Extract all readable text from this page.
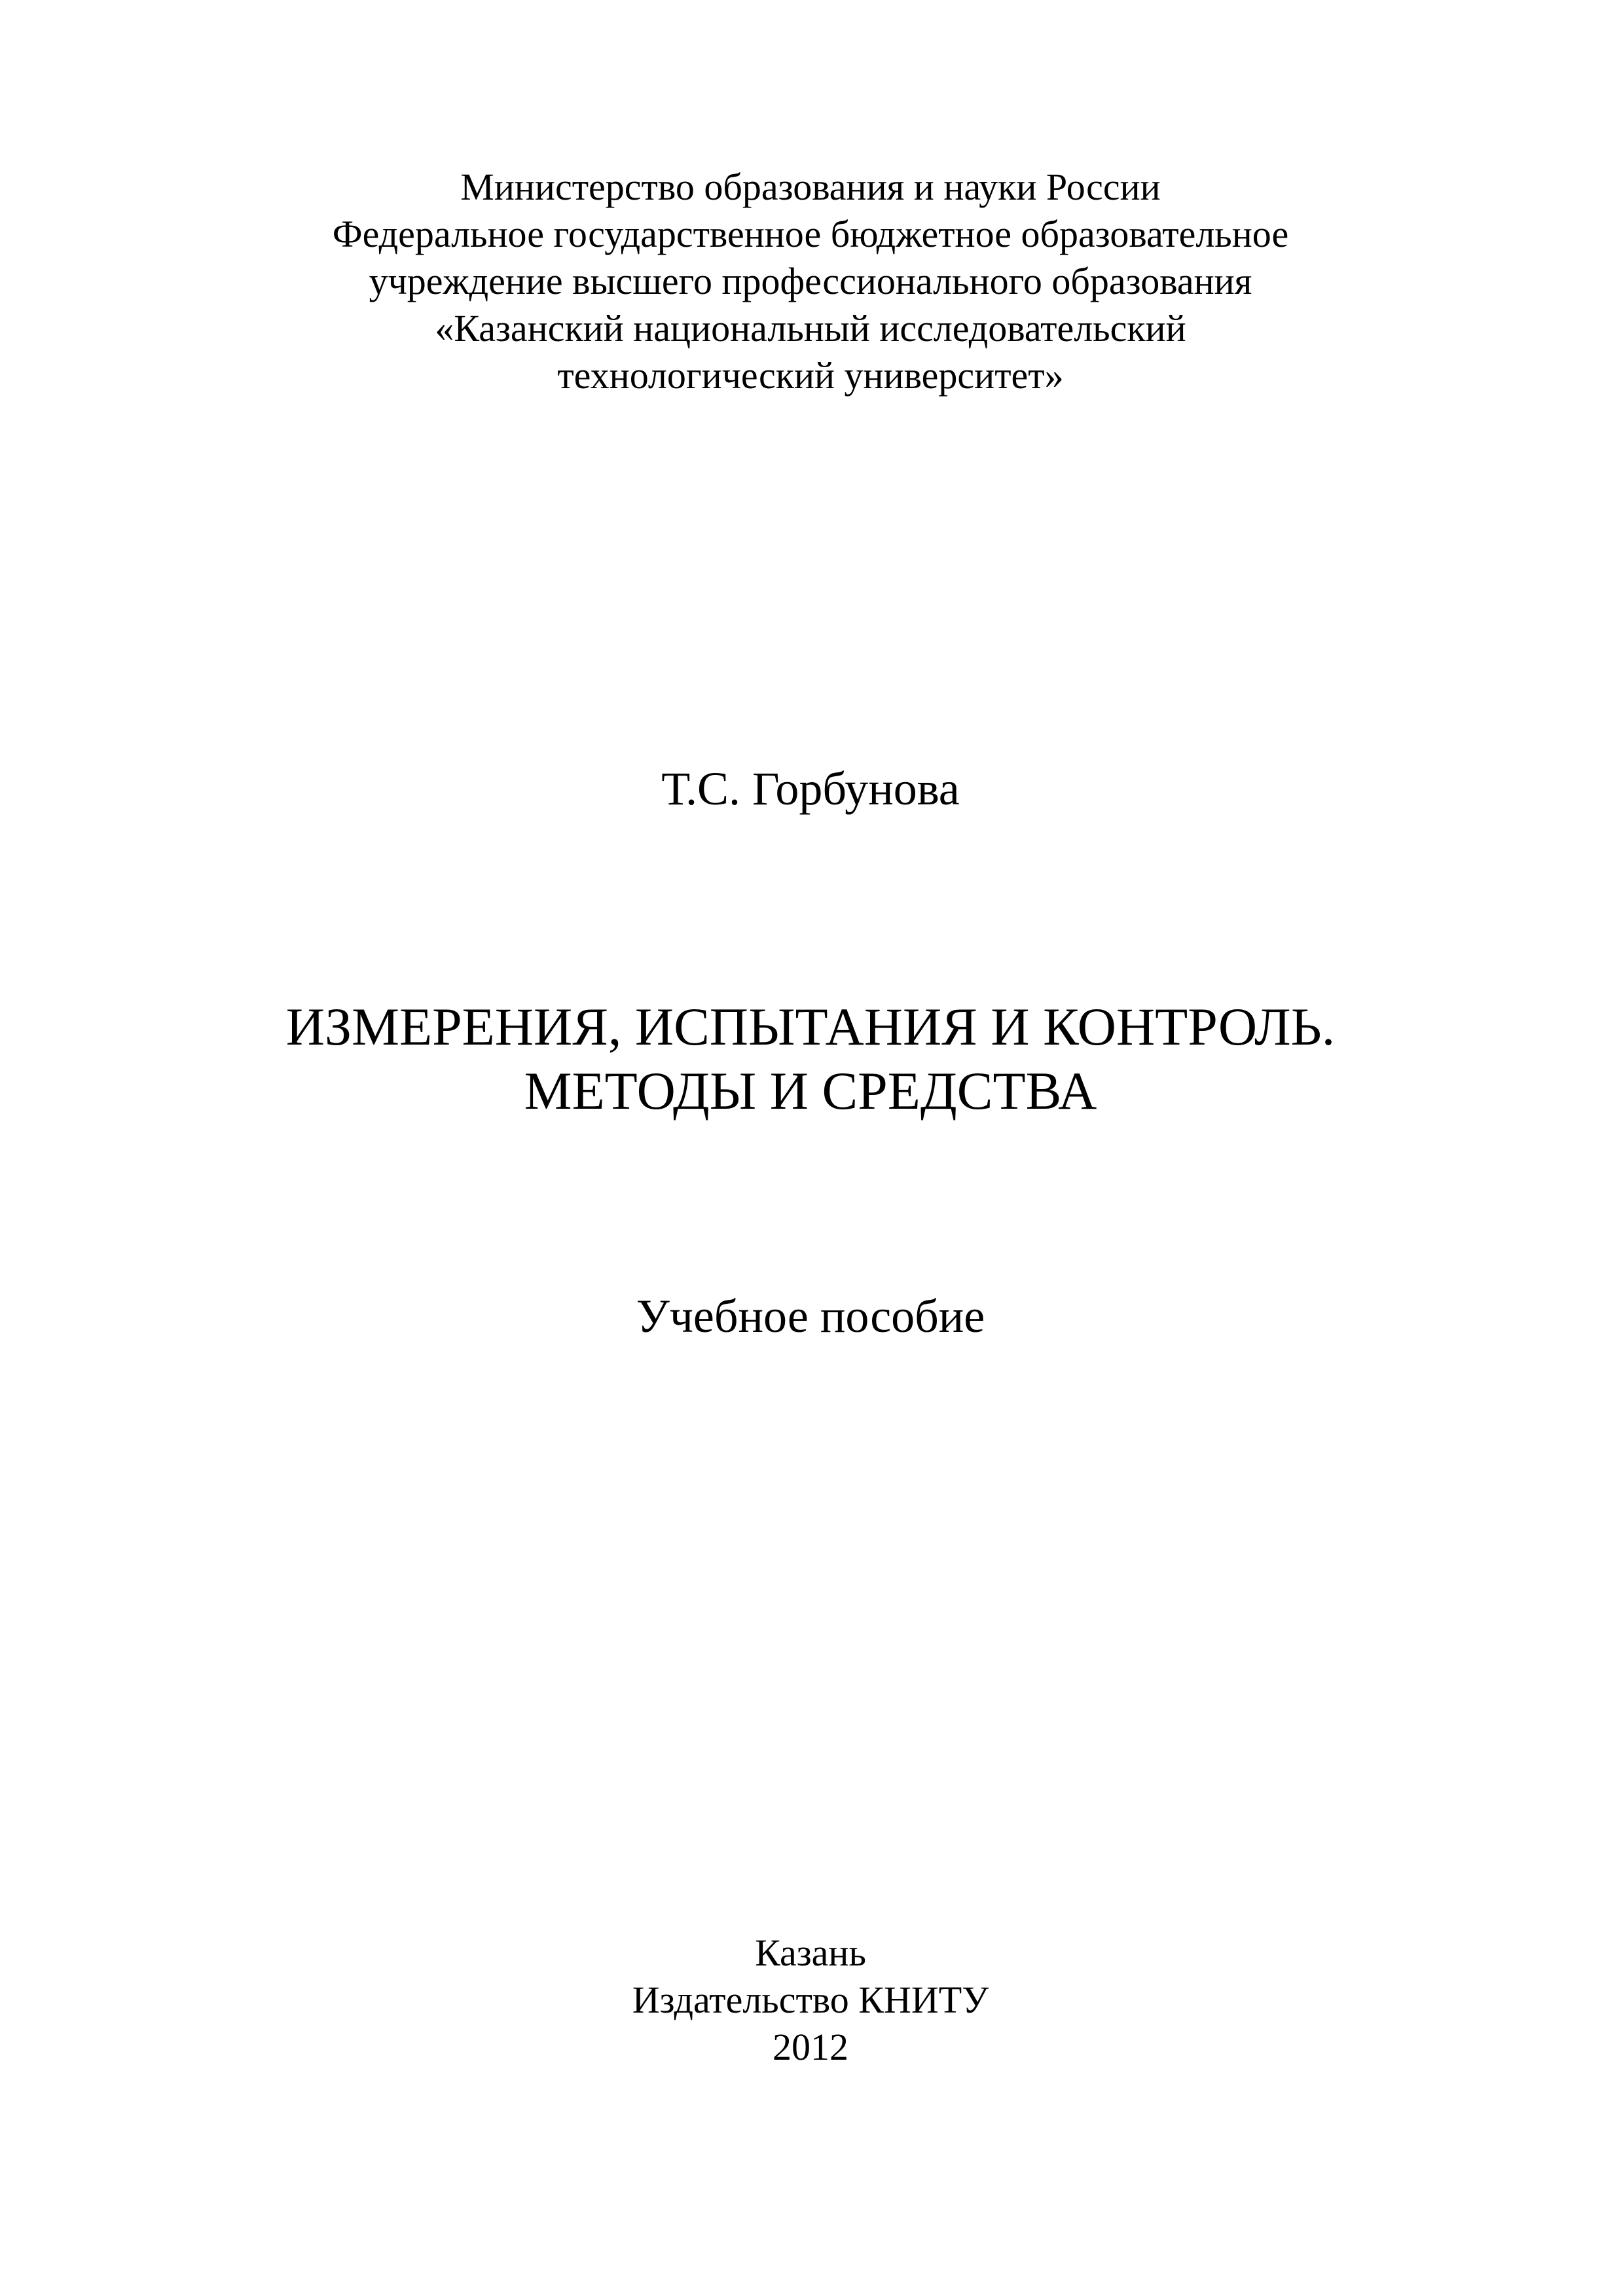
Министерство образования и науки России
Федеральное государственное бюджетное образовательное
учреждение высшего профессионального образования
«Казанский национальный исследовательский
технологический университет»
Т.С. Горбунова
ИЗМЕРЕНИЯ, ИСПЫТАНИЯ И КОНТРОЛЬ.
МЕТОДЫ И СРЕДСТВА
Учебное пособие
Казань
Издательство КНИТУ
2012
